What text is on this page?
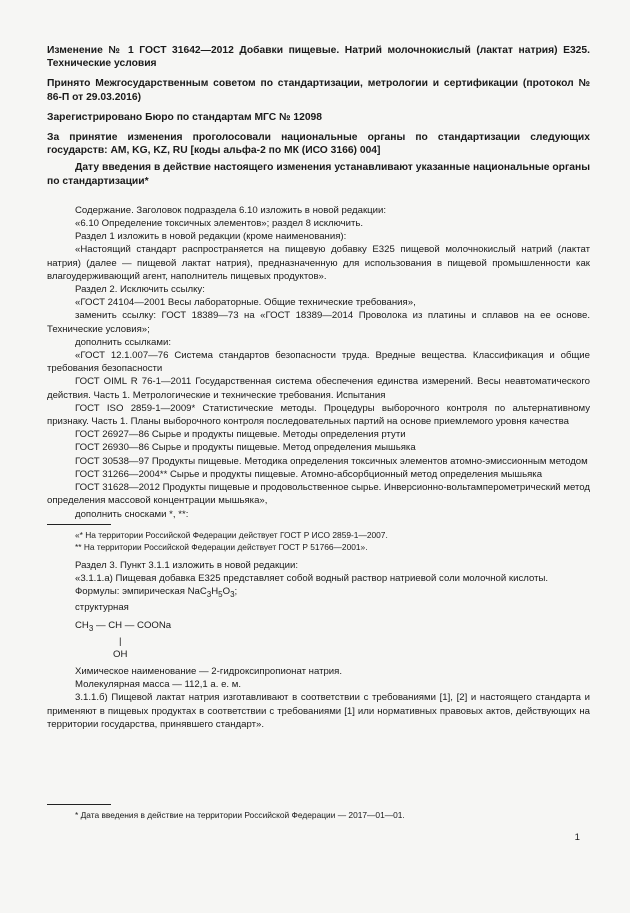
Изменение № 1 ГОСТ 31642—2012 Добавки пищевые. Натрий молочнокислый (лактат натрия) Е325. Технические условия
Принято Межгосударственным советом по стандартизации, метрологии и сертификации (протокол № 86-П от 29.03.2016)
Зарегистрировано Бюро по стандартам МГС № 12098
За принятие изменения проголосовали национальные органы по стандартизации следующих государств: AM, KG, KZ, RU [коды альфа-2 по МК (ИСО 3166) 004]
Дату введения в действие настоящего изменения устанавливают указанные национальные органы по стандартизации*

Содержание. Заголовок подраздела 6.10 изложить в новой редакции:

«6.10 Определение токсичных элементов»; раздел 8 исключить.

Раздел 1 изложить в новой редакции (кроме наименования):

«Настоящий стандарт распространяется на пищевую добавку Е325 пищевой молочнокислый натрий (лактат натрия) (далее — пищевой лактат натрия), предназначенную для использования в пищевой промышленности как влагоудерживающий агент, наполнитель пищевых продуктов».

Раздел 2. Исключить ссылку:

«ГОСТ 24104—2001 Весы лабораторные. Общие технические требования»,

заменить ссылку: ГОСТ 18389—73 на «ГОСТ 18389—2014 Проволока из платины и сплавов на ее основе. Технические условия»;

дополнить ссылками:

«ГОСТ 12.1.007—76 Система стандартов безопасности труда. Вредные вещества. Классификация и общие требования безопасности

ГОСТ OIML R 76-1—2011 Государственная система обеспечения единства измерений. Весы неавтоматического действия. Часть 1. Метрологические и технические требования. Испытания

ГОСТ ISO 2859-1—2009* Статистические методы. Процедуры выборочного контроля по альтернативному признаку. Часть 1. Планы выборочного контроля последовательных партий на основе приемлемого уровня качества

ГОСТ 26927—86 Сырье и продукты пищевые. Методы определения ртути

ГОСТ 26930—86 Сырье и продукты пищевые. Метод определения мышьяка

ГОСТ 30538—97 Продукты пищевые. Методика определения токсичных элементов атомно-эмиссионным методом

ГОСТ 31266—2004** Сырье и продукты пищевые. Атомно-абсорбционный метод определения мышьяка

ГОСТ 31628—2012 Продукты пищевые и продовольственное сырье. Инверсионно-вольтамперометрический метод определения массовой концентрации мышьяка»,

дополнить сносками *, **:

«* На территории Российской Федерации действует ГОСТ Р ИСО 2859-1—2007.
** На территории Российской Федерации действует ГОСТ Р 51766—2001».

Раздел 3. Пункт 3.1.1 изложить в новой редакции:

«3.1.1.а) Пищевая добавка Е325 представляет собой водный раствор натриевой соли молочной кислоты.

Формулы: эмпирическая $NaC_3H_5O_3$;

структурная

$CH_3$ — CH — COONa
|
OH

Химическое наименование — 2-гидроксипропионат натрия.

Молекулярная масса — 112,1 а. е. м.

3.1.1.б) Пищевой лактат натрия изготавливают в соответствии с требованиями [1], [2] и настоящего стандарта и применяют в пищевых продуктах в соответствии с требованиями [1] или нормативных правовых актов, действующих на территории государства, принявшего стандарт».

* Дата введения в действие на территории Российской Федерации — 2017—01—01.
1
